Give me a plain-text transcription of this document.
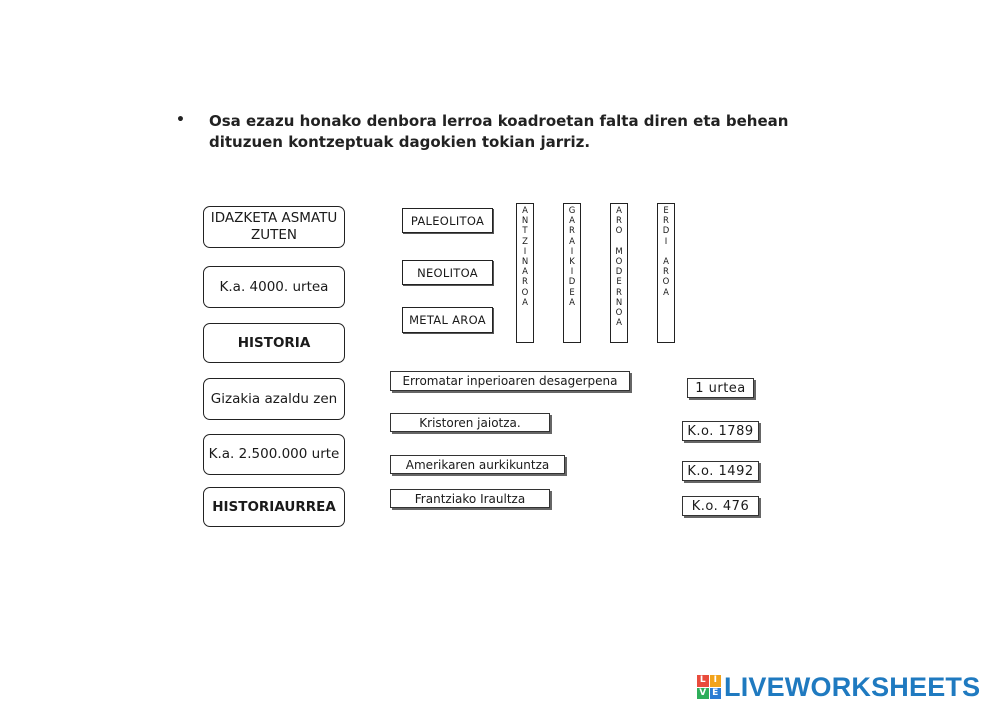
• Osa ezazu honako denbora lerroa koadroetan falta diren eta behean dituzuen kontzeptuak dagokien tokian jarriz.
IDAZKETA ASMATU ZUTEN
K.a. 4000. urtea
HISTORIA
Gizakia azaldu zen
K.a. 2.500.000 urte
HISTORIAURREA
PALEOLITOA
NEOLITOA
METAL AROA
A
N
T
Z
I
N
A
R
O
A
G
A
R
A
I
K
I
D
E
A
A
R
O

M
O
D
E
R
N
O
A
E
R
D
I

A
R
O
A
Erromatar inperioaren desagerpena
Kristoren jaiotza.
Amerikaren aurkikuntza
Frantziako Iraultza
1 urtea
K.o. 1789
K.o. 1492
K.o. 476
L I
V E LIVEWORKSHEETS
